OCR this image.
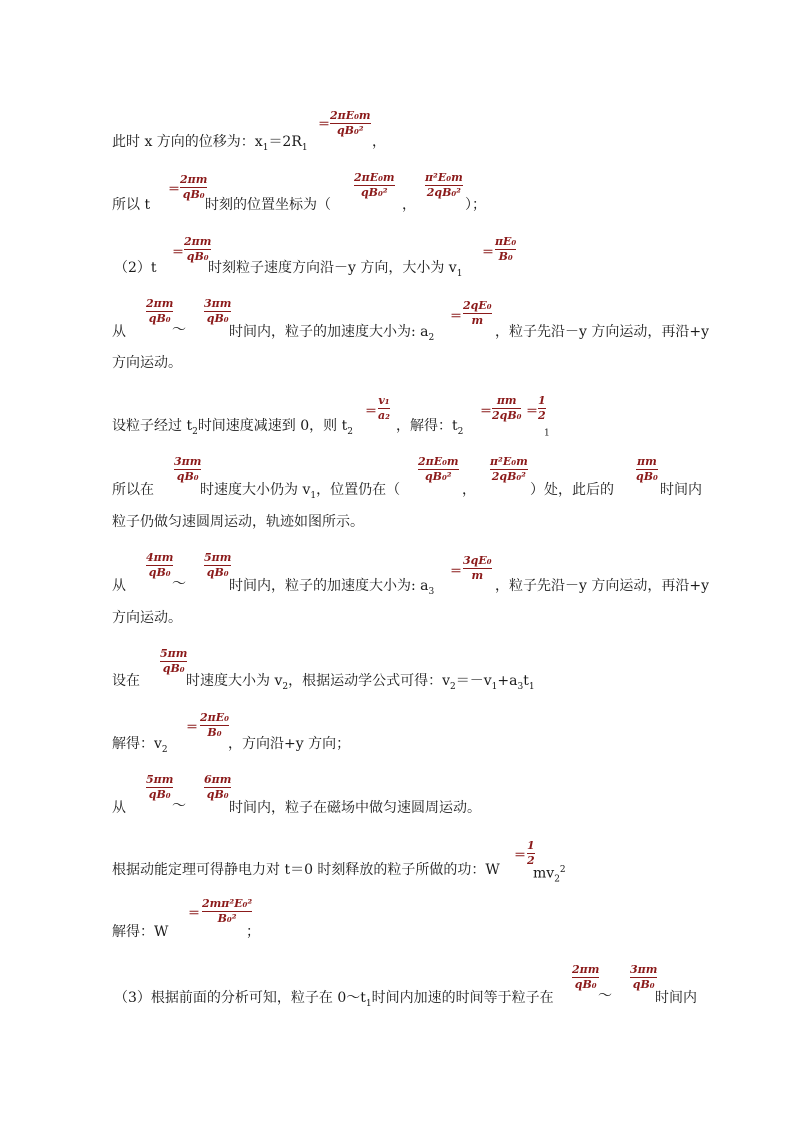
2πE₀m
qB₀²
＝
此时 x 方向的位移为：$x_1=2R_1$	，
＝
2πm
qB₀
所以 t	时刻的位置坐标为（
2πE₀m
qB₀²
，
π²E₀m
2qB₀²
）；
＝
2πm
qB₀
（2）t	时刻粒子速度方向沿－y 方向，大小为 $v_1$
＝
πE₀
B₀
2πm
qB₀
～
3πm
qB₀
从	时间内，粒子的加速度大小为: $a_2$
＝
2qE₀
m
，粒子先沿－y 方向运动，再沿+y
方向运动。
设粒子经过 $t_2$时间速度减速到 0，则 $t_2$
＝
v₁
a₂
，解得：$t_2$
＝
πm
2qB₀ ＝
1
2
$_1$
3πm
qB₀
所以在	时速度大小仍为 $v_1$，位置仍在（
2πE₀m
qB₀²
，
π²E₀m
2qB₀²
）处，此后的
πm
qB₀
时间内
粒子仍做匀速圆周运动，轨迹如图所示。
4πm
qB₀
～
5πm
qB₀
从	时间内，粒子的加速度大小为: $a_3$
＝
3qE₀
m
，粒子先沿－y 方向运动，再沿+y
方向运动。
5πm
qB₀
设在	时速度大小为 $v_2$，根据运动学公式可得：$v_2=-v_1+a_3t_1$
＝
2πE₀
B₀
解得：$v_2$	，方向沿+y 方向；
5πm
qB₀
～
6πm
qB₀
从	时间内，粒子在磁场中做匀速圆周运动。
根据动能定理可得静电力对 t＝0 时刻释放的粒子所做的功：W
＝
1
2
$mv_2^2$
＝
2mπ²E₀²
B₀²
解得：W	；
（3）根据前面的分析可知，粒子在 $0\sim t_1$时间内加速的时间等于粒子在
2πm
qB₀
～
3πm
qB₀
时间内
